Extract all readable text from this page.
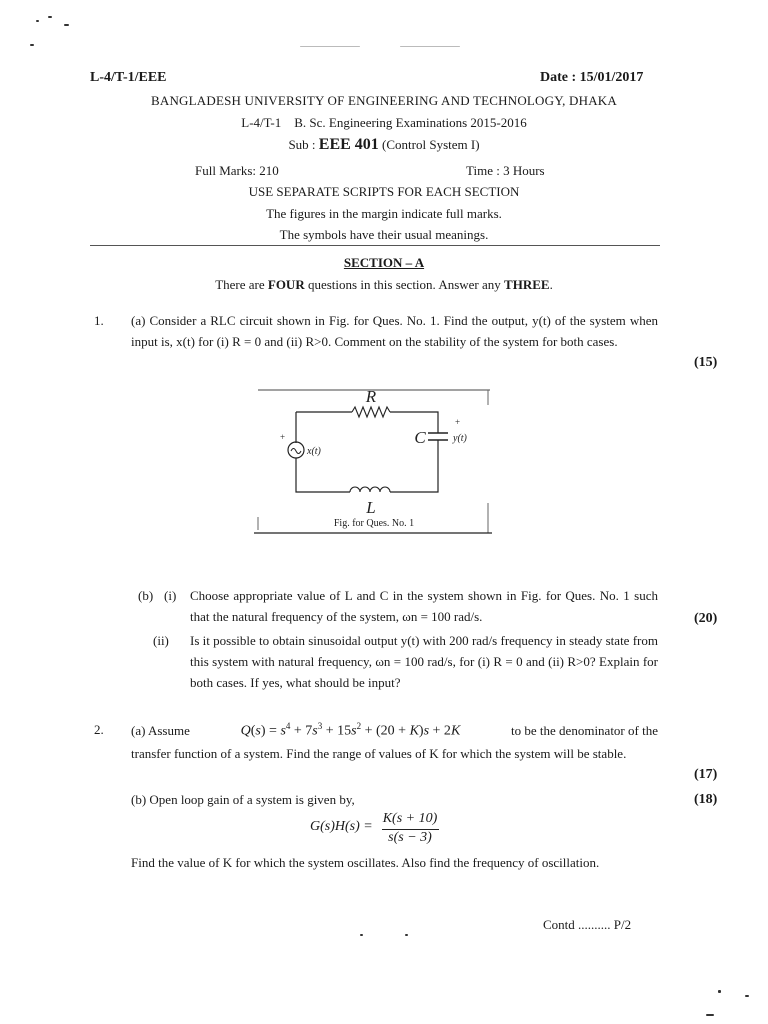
L-4/T-1/EEE	Date : 15/01/2017
BANGLADESH UNIVERSITY OF ENGINEERING AND TECHNOLOGY, DHAKA
L-4/T-1    B. Sc. Engineering Examinations 2015-2016
Sub : EEE 401 (Control System I)
Full Marks: 210	Time : 3 Hours
USE SEPARATE SCRIPTS FOR EACH SECTION
The figures in the margin indicate full marks.
The symbols have their usual meanings.
SECTION – A
There are FOUR questions in this section. Answer any THREE.
1. (a) Consider a RLC circuit shown in Fig. for Ques. No. 1. Find the output, y(t) of the system when input is, x(t) for (i) R = 0 and (ii) R>0. Comment on the stability of the system for both cases.
(15)
R
C
L
x(t)
y(t)
+
+
Fig. for Ques. No. 1
(b) (i) Choose appropriate value of L and C in the system shown in Fig. for Ques. No. 1 such that the natural frequency of the system, ωn = 100 rad/s.	(20)
(ii) Is it possible to obtain sinusoidal output y(t) with 200 rad/s frequency in steady state from this system with natural frequency, ωn = 100 rad/s, for (i) R = 0 and (ii) R>0? Explain for both cases. If yes, what should be input?
2. (a) Assume	$Q(s) = s^4 + 7s^3 + 15s^2 + (20 + K)s + 2K$	to be the denominator of the
transfer function of a system. Find the range of values of K for which the system will be stable.
(17)
(b) Open loop gain of a system is given by,	(18)
G(s)H(s) =
K(s + 10)
s(s − 3)
Find the value of K for which the system oscillates. Also find the frequency of oscillation.
Contd .......... P/2
